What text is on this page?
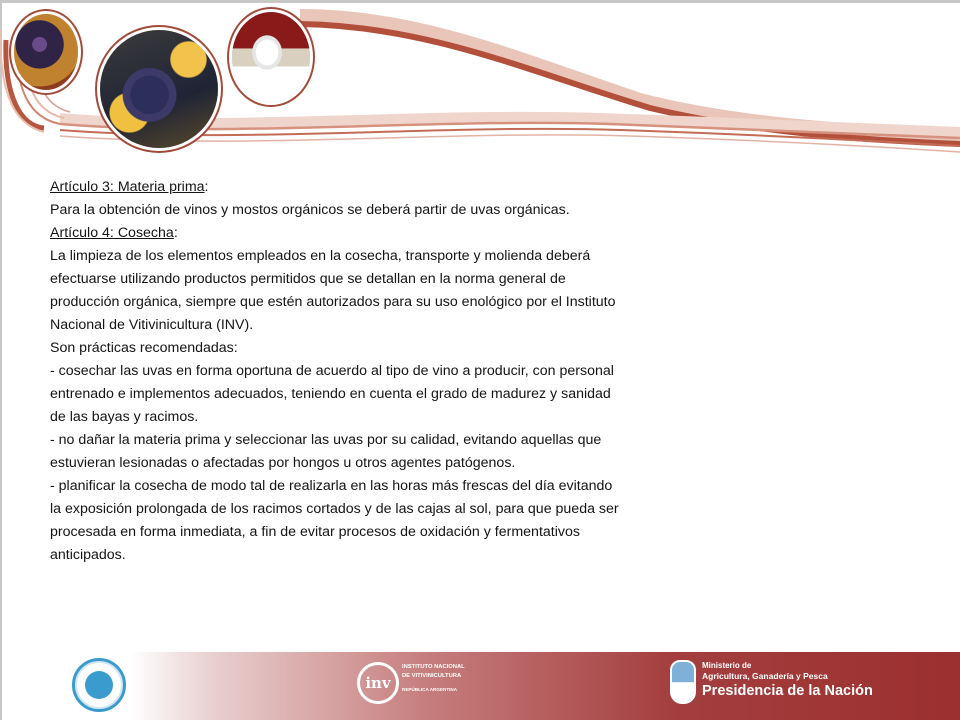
Artículo 3: Materia prima:

Para la obtención de vinos y mostos orgánicos se deberá partir de uvas orgánicas.

Artículo 4: Cosecha:

La limpieza de los elementos empleados en la cosecha, transporte y molienda deberá

efectuarse utilizando productos permitidos que se detallan en la norma general de

producción orgánica, siempre que estén autorizados para su uso enológico por el Instituto

Nacional de Vitivinicultura (INV).

Son prácticas recomendadas:

- cosechar las uvas en forma oportuna de acuerdo al tipo de vino a producir, con personal

entrenado e implementos adecuados, teniendo en cuenta el grado de madurez y sanidad

de las bayas y racimos.

- no dañar la materia prima y seleccionar las uvas por su calidad, evitando aquellas que

estuvieran lesionadas o afectadas por hongos u otros agentes patógenos.

- planificar la cosecha de modo tal de realizarla en las horas más frescas del día evitando

la exposición prolongada de los racimos cortados y de las cajas al sol, para que pueda ser

procesada en forma inmediata, a fin de evitar procesos de oxidación y fermentativos

anticipados.

inv
INSTITUTO NACIONAL
DE VITIVINICULTURA
REPÚBLICA ARGENTINA
Ministerio de
Agricultura, Ganadería y Pesca
Presidencia de la Nación
